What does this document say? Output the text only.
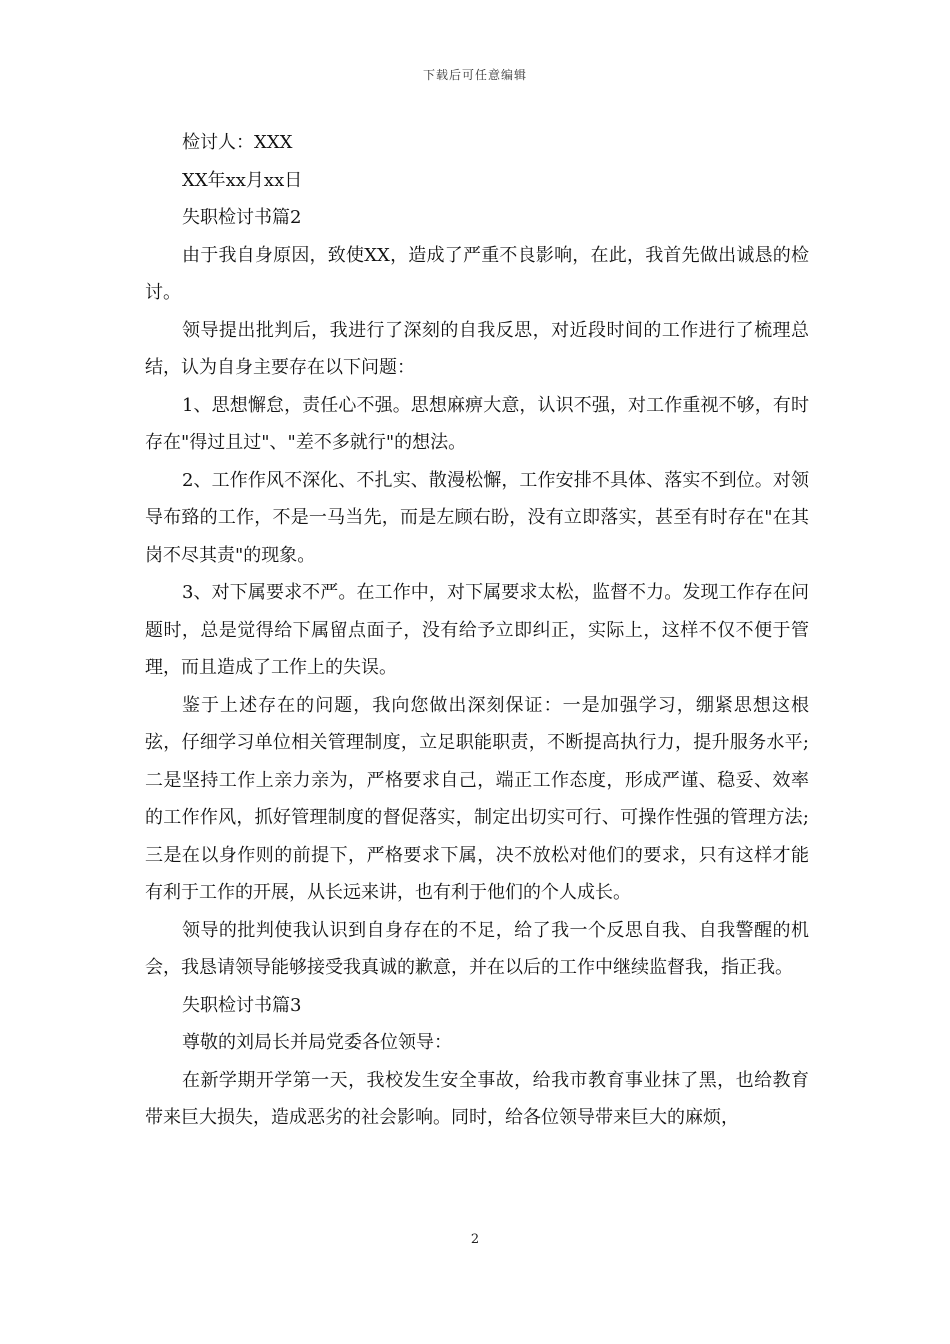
下载后可任意编辑

检讨人：XXX

XX年xx月xx日

失职检讨书篇2

由于我自身原因，致使XX，造成了严重不良影响，在此，我首先做出诚恳的检讨。

领导提出批判后，我进行了深刻的自我反思，对近段时间的工作进行了梳理总结，认为自身主要存在以下问题：

1、思想懈怠，责任心不强。思想麻痹大意，认识不强，对工作重视不够，有时存在"得过且过"、"差不多就行"的想法。

2、工作作风不深化、不扎实、散漫松懈，工作安排不具体、落实不到位。对领导布臵的工作，不是一马当先，而是左顾右盼，没有立即落实，甚至有时存在"在其岗不尽其责"的现象。

3、对下属要求不严。在工作中，对下属要求太松，监督不力。发现工作存在问题时，总是觉得给下属留点面子，没有给予立即纠正，实际上，这样不仅不便于管理，而且造成了工作上的失误。

鉴于上述存在的问题，我向您做出深刻保证：一是加强学习，绷紧思想这根弦，仔细学习单位相关管理制度，立足职能职责，不断提高执行力，提升服务水平;二是坚持工作上亲力亲为，严格要求自己，端正工作态度，形成严谨、稳妥、效率的工作作风，抓好管理制度的督促落实，制定出切实可行、可操作性强的管理方法;三是在以身作则的前提下，严格要求下属，决不放松对他们的要求，只有这样才能有利于工作的开展，从长远来讲，也有利于他们的个人成长。

领导的批判使我认识到自身存在的不足，给了我一个反思自我、自我警醒的机会，我恳请领导能够接受我真诚的歉意，并在以后的工作中继续监督我，指正我。

失职检讨书篇3

尊敬的刘局长并局党委各位领导：

在新学期开学第一天，我校发生安全事故，给我市教育事业抹了黑，也给教育带来巨大损失，造成恶劣的社会影响。同时，给各位领导带来巨大的麻烦，

2
